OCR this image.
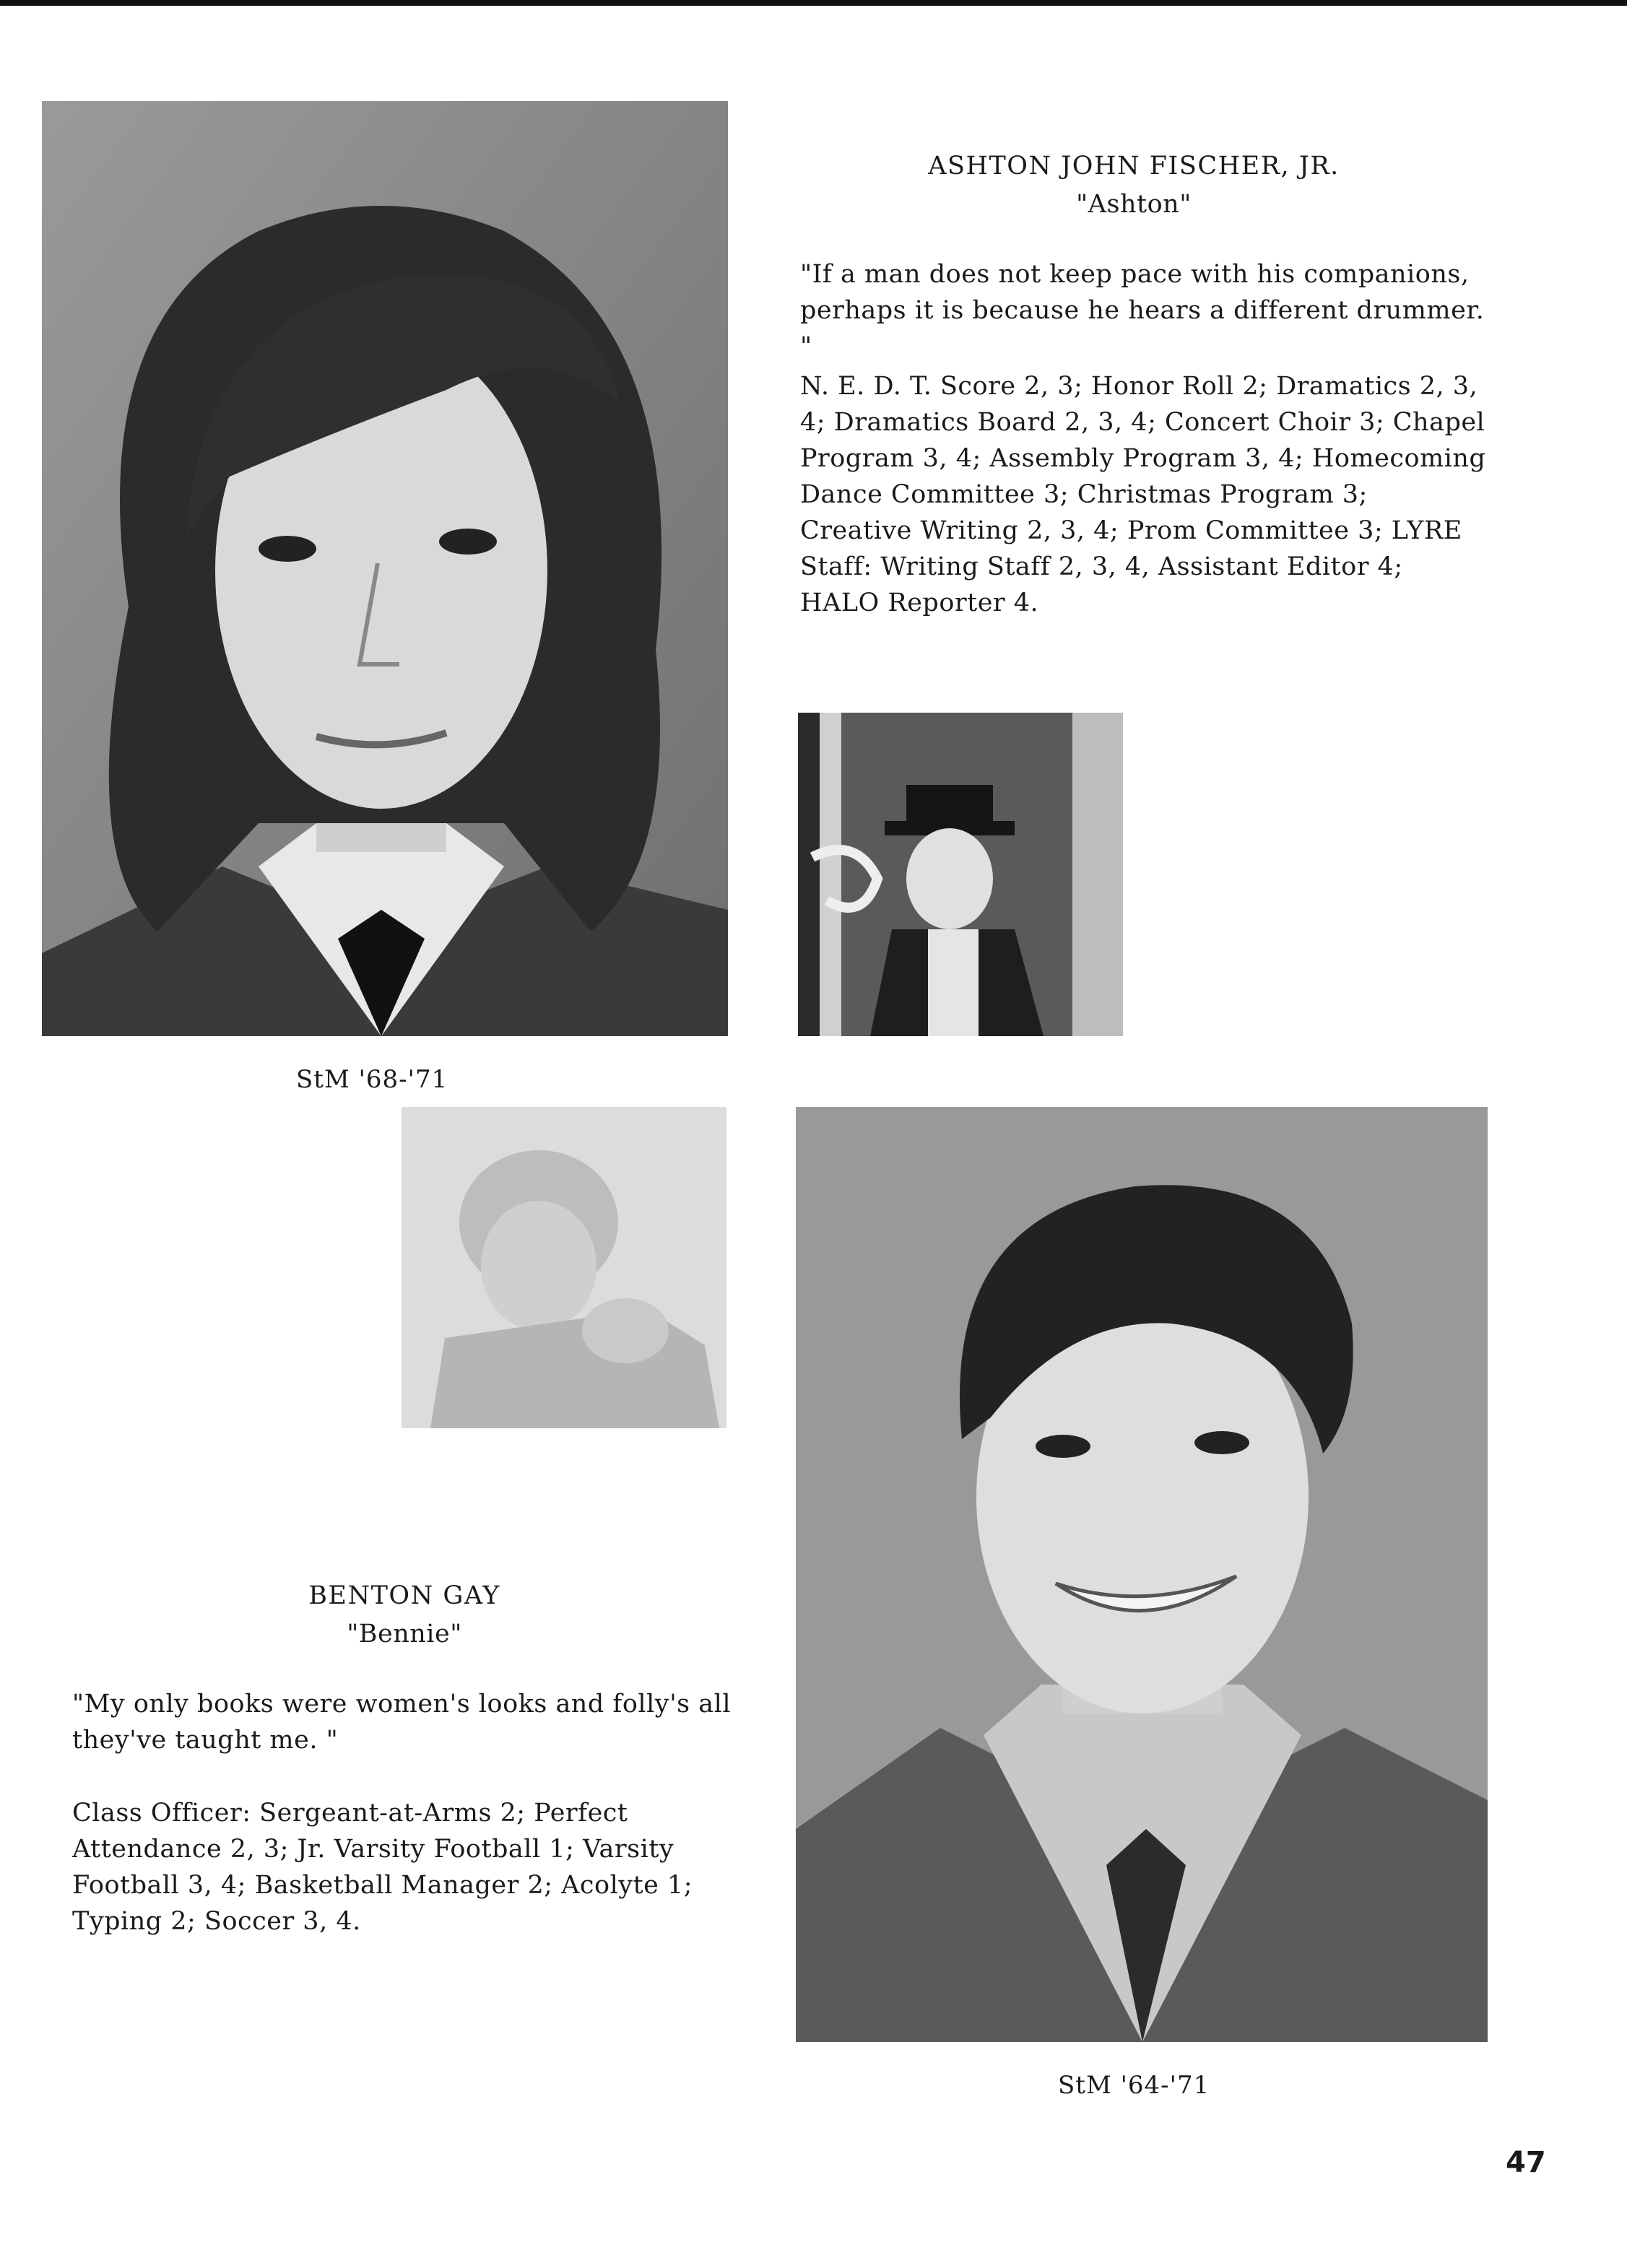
ASHTON JOHN FISCHER, JR.
"Ashton"

"If a man does not keep pace with his companions, perhaps it is because he hears a different drummer. "

N. E. D. T. Score 2, 3; Honor Roll 2; Dramatics 2, 3, 4; Dramatics Board 2, 3, 4; Concert Choir 3; Chapel Program 3, 4; Assembly Program 3, 4; Homecoming Dance Committee 3; Christmas Program 3; Creative Writing 2, 3, 4; Prom Committee 3; LYRE Staff: Writing Staff 2, 3, 4, Assistant Editor 4; HALO Reporter 4.

StM '68-'71
BENTON GAY
"Bennie"

"My only books were women's looks and folly's all they've taught me. "

Class Officer: Sergeant-at-Arms 2; Perfect Attendance 2, 3; Jr. Varsity Football 1; Varsity Football 3, 4; Basketball Manager 2; Acolyte 1; Typing 2; Soccer 3, 4.

StM '64-'71
47
